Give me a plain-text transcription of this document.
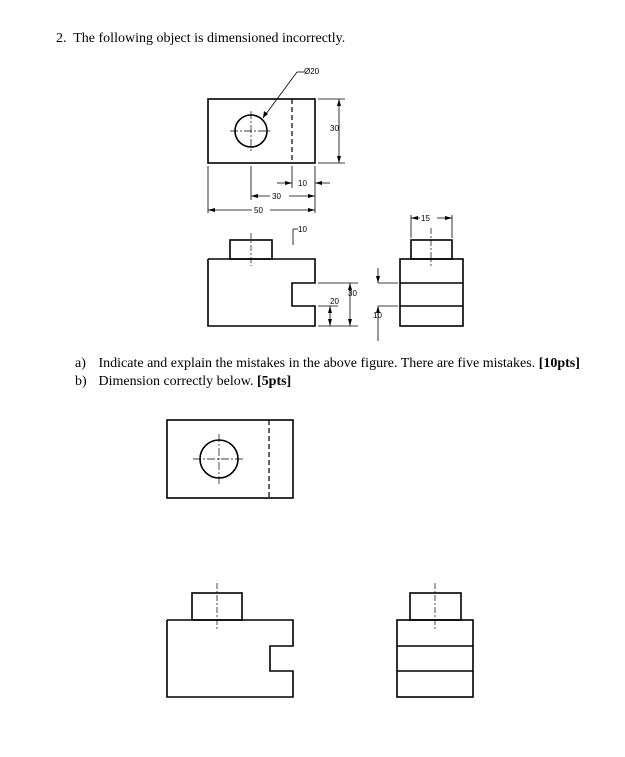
2. The following object is dimensioned incorrectly.
Ø20
30
10
30
50
10
15
30
20
10
a) Indicate and explain the mistakes in the above figure. There are five mistakes. [10pts]
b) Dimension correctly below. [5pts]
